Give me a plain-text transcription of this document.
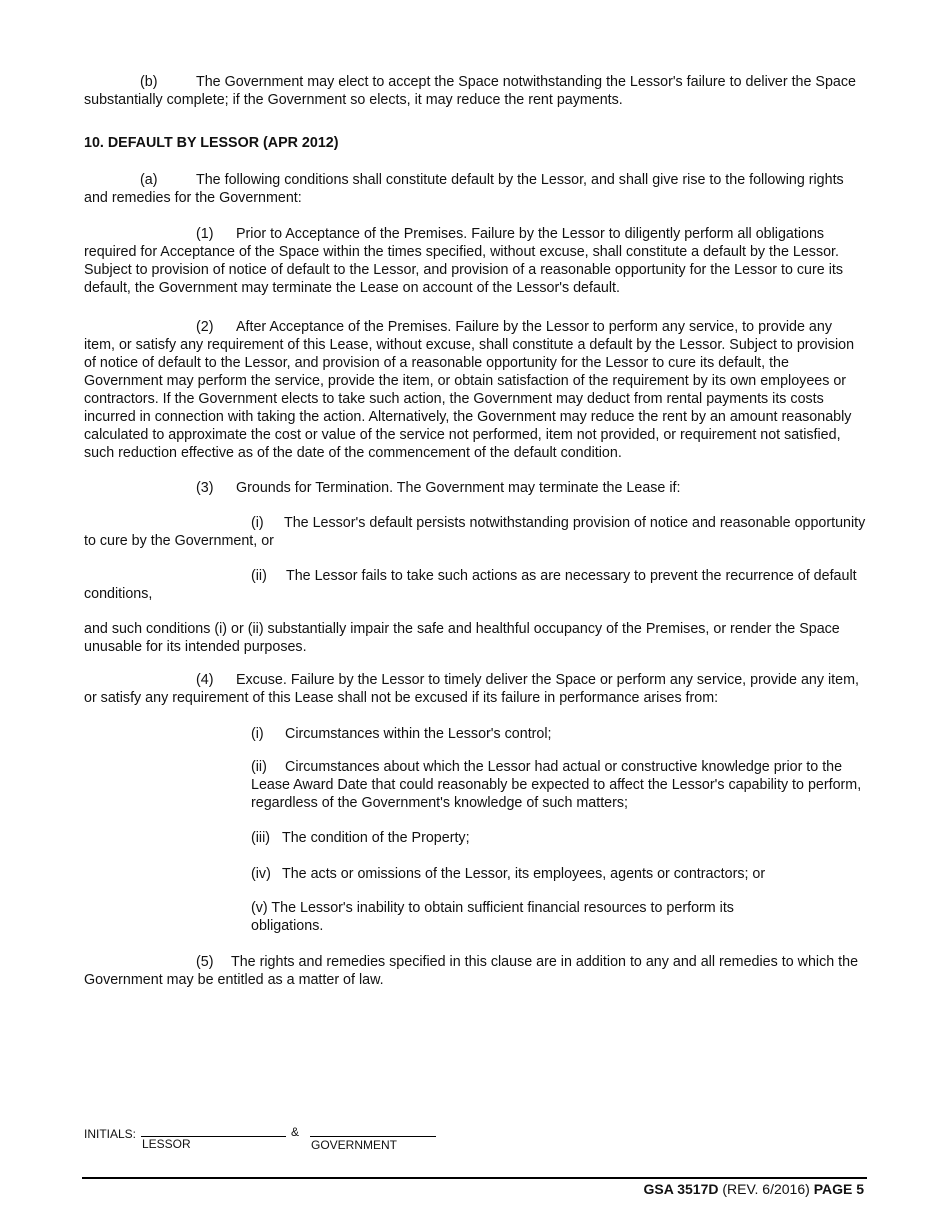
(b)	The Government may elect to accept the Space notwithstanding the Lessor's failure to deliver the Space substantially complete; if the Government so elects, it may reduce the rent payments.

10. DEFAULT BY LESSOR (APR 2012)

(a)	The following conditions shall constitute default by the Lessor, and shall give rise to the following rights and remedies for the Government:

(1) Prior to Acceptance of the Premises. Failure by the Lessor to diligently perform all obligations required for Acceptance of the Space within the times specified, without excuse, shall constitute a default by the Lessor. Subject to provision of notice of default to the Lessor, and provision of a reasonable opportunity for the Lessor to cure its default, the Government may terminate the Lease on account of the Lessor's default.

(2) After Acceptance of the Premises. Failure by the Lessor to perform any service, to provide any item, or satisfy any requirement of this Lease, without excuse, shall constitute a default by the Lessor. Subject to provision of notice of default to the Lessor, and provision of a reasonable opportunity for the Lessor to cure its default, the Government may perform the service, provide the item, or obtain satisfaction of the requirement by its own employees or contractors. If the Government elects to take such action, the Government may deduct from rental payments its costs incurred in connection with taking the action. Alternatively, the Government may reduce the rent by an amount reasonably calculated to approximate the cost or value of the service not performed, item not provided, or requirement not satisfied, such reduction effective as of the date of the commencement of the default condition.

(3) Grounds for Termination. The Government may terminate the Lease if:

(i) The Lessor's default persists notwithstanding provision of notice and reasonable opportunity to cure by the Government, or

(ii) The Lessor fails to take such actions as are necessary to prevent the recurrence of default conditions,

and such conditions (i) or (ii) substantially impair the safe and healthful occupancy of the Premises, or render the Space unusable for its intended purposes.

(4) Excuse. Failure by the Lessor to timely deliver the Space or perform any service, provide any item, or satisfy any requirement of this Lease shall not be excused if its failure in performance arises from:

(i) Circumstances within the Lessor's control;

(ii) Circumstances about which the Lessor had actual or constructive knowledge prior to the Lease Award Date that could reasonably be expected to affect the Lessor's capability to perform, regardless of the Government's knowledge of such matters;

(iii) The condition of the Property;

(iv) The acts or omissions of the Lessor, its employees, agents or contractors; or

(v) The Lessor's inability to obtain sufficient financial resources to perform its obligations.

(5) The rights and remedies specified in this clause are in addition to any and all remedies to which the Government may be entitled as a matter of law.

INITIALS:
LESSOR
&
GOVERNMENT
GSA 3517D (REV. 6/2016) PAGE 5
